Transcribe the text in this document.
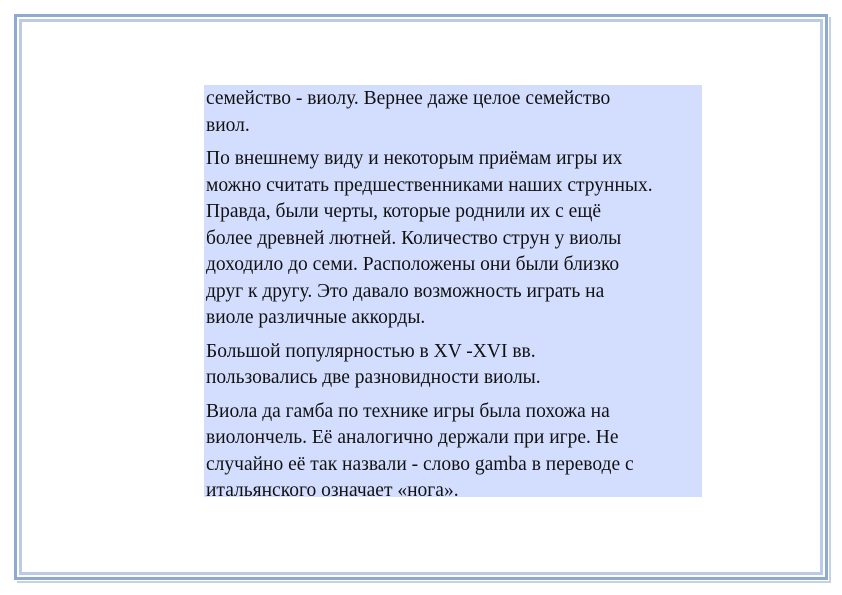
семейство - виолу. Вернее даже целое семейство
виол.

По внешнему виду и некоторым приёмам игры их
можно считать предшественниками наших струнных.
Правда, были черты, которые роднили их с ещё
более древней лютней. Количество струн у виолы
доходило до семи. Расположены они были близко
друг к другу. Это давало возможность играть на
виоле различные аккорды.

Большой популярностью в XV -XVI вв.
пользовались две разновидности виолы.

Виола да гамба по технике игры была похожа на
виолончель. Её аналогично держали при игре. Не
случайно её так назвали - слово gamba в переводе с
итальянского означает «нога».
